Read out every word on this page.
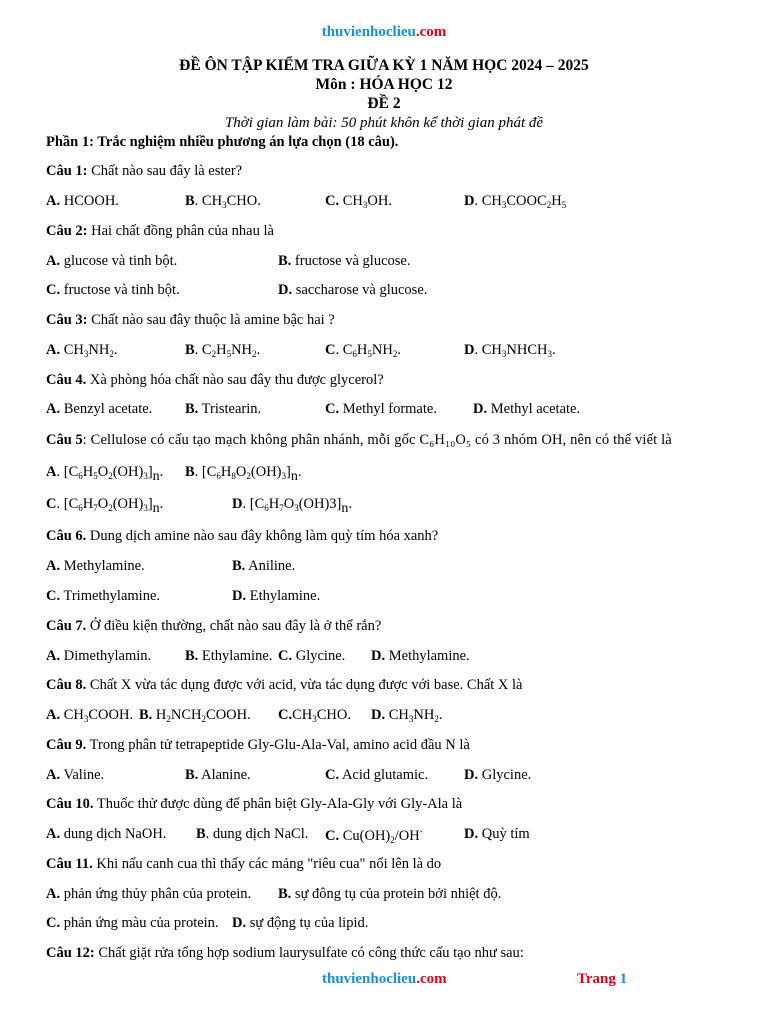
thuvienhoclieu.com
ĐỀ ÔN TẬP KIỂM TRA GIỮA KỲ 1 NĂM HỌC 2024 – 2025
Môn : HÓA HỌC 12
ĐỀ 2
Thời gian làm bài: 50 phút khôn kể thời gian phát đề
Phần 1: Trắc nghiệm nhiều phương án lựa chọn (18 câu).
Câu 1: Chất nào sau đây là ester?
A. HCOOH.	B. $CH_3CHO$.	C. $CH_3OH$.	D. $CH_3COOC_2H_5$
Câu 2: Hai chất đồng phân của nhau là
A. glucose và tinh bột.	B. fructose và glucose.
C. fructose và tinh bột.	D. saccharose và glucose.
Câu 3: Chất nào sau đây thuộc là amine bậc hai ?
A. $CH_3NH_2$.	B. $C_2H_5NH_2$.	C. $C_6H_5NH_2$.	D. $CH_3NHCH_3$.
Câu 4. Xà phòng hóa chất nào sau đây thu được glycerol?
A. Benzyl acetate. B. Tristearin.	C. Methyl formate. D. Methyl acetate.
Câu 5: Cellulose có cấu tạo mạch không phân nhánh, mỗi gốc C₆H₁₀O₅ có 3 nhóm OH, nên có thể viết là
A. $[C_6H_5O_2(OH)_3]n$. B. $[C_6H_8O_2(OH)_3]n$.
C. $[C_6H_7O_2(OH)_3]n$.	D. $[C_6H_7O_3(OH)3]n$.
Câu 6. Dung dịch amine nào sau đây không làm quỳ tím hóa xanh?
A. Methylamine.	B. Aniline.
C. Trimethylamine.	D. Ethylamine.
Câu 7. Ở điều kiện thường, chất nào sau đây là ở thể rắn?
A. Dimethylamin. B. Ethylamine. C. Glycine. D. Methylamine.
Câu 8. Chất X vừa tác dụng được với acid, vừa tác dụng được với base. Chất X là
A. $CH_3COOH$. B. $H_2NCH_2COOH$. $C.CH_3CHO$. D. $CH_3NH_2$.
Câu 9. Trong phân tử tetrapeptide Gly-Glu-Ala-Val, amino acid đầu N là
A. Valine.	B. Alanine.	C. Acid glutamic. D. Glycine.
Câu 10. Thuốc thử được dùng để phân biệt Gly-Ala-Gly với Gly-Ala là
A. dung dịch NaOH. B. dung dịch NaCl. C. $Cu(OH)_2/OH^-$	D. Quỳ tím
Câu 11. Khi nấu canh cua thì thấy các mảng "riêu cua" nổi lên là do
A. phản ứng thủy phân của protein. B. sự đông tụ của protein bởi nhiệt độ.
C. phản ứng màu của protein. D. sự động tụ của lipid.
Câu 12: Chất giặt rửa tổng hợp sodium laurysulfate có công thức cấu tạo như sau:
thuvienhoclieu.com	Trang 1
